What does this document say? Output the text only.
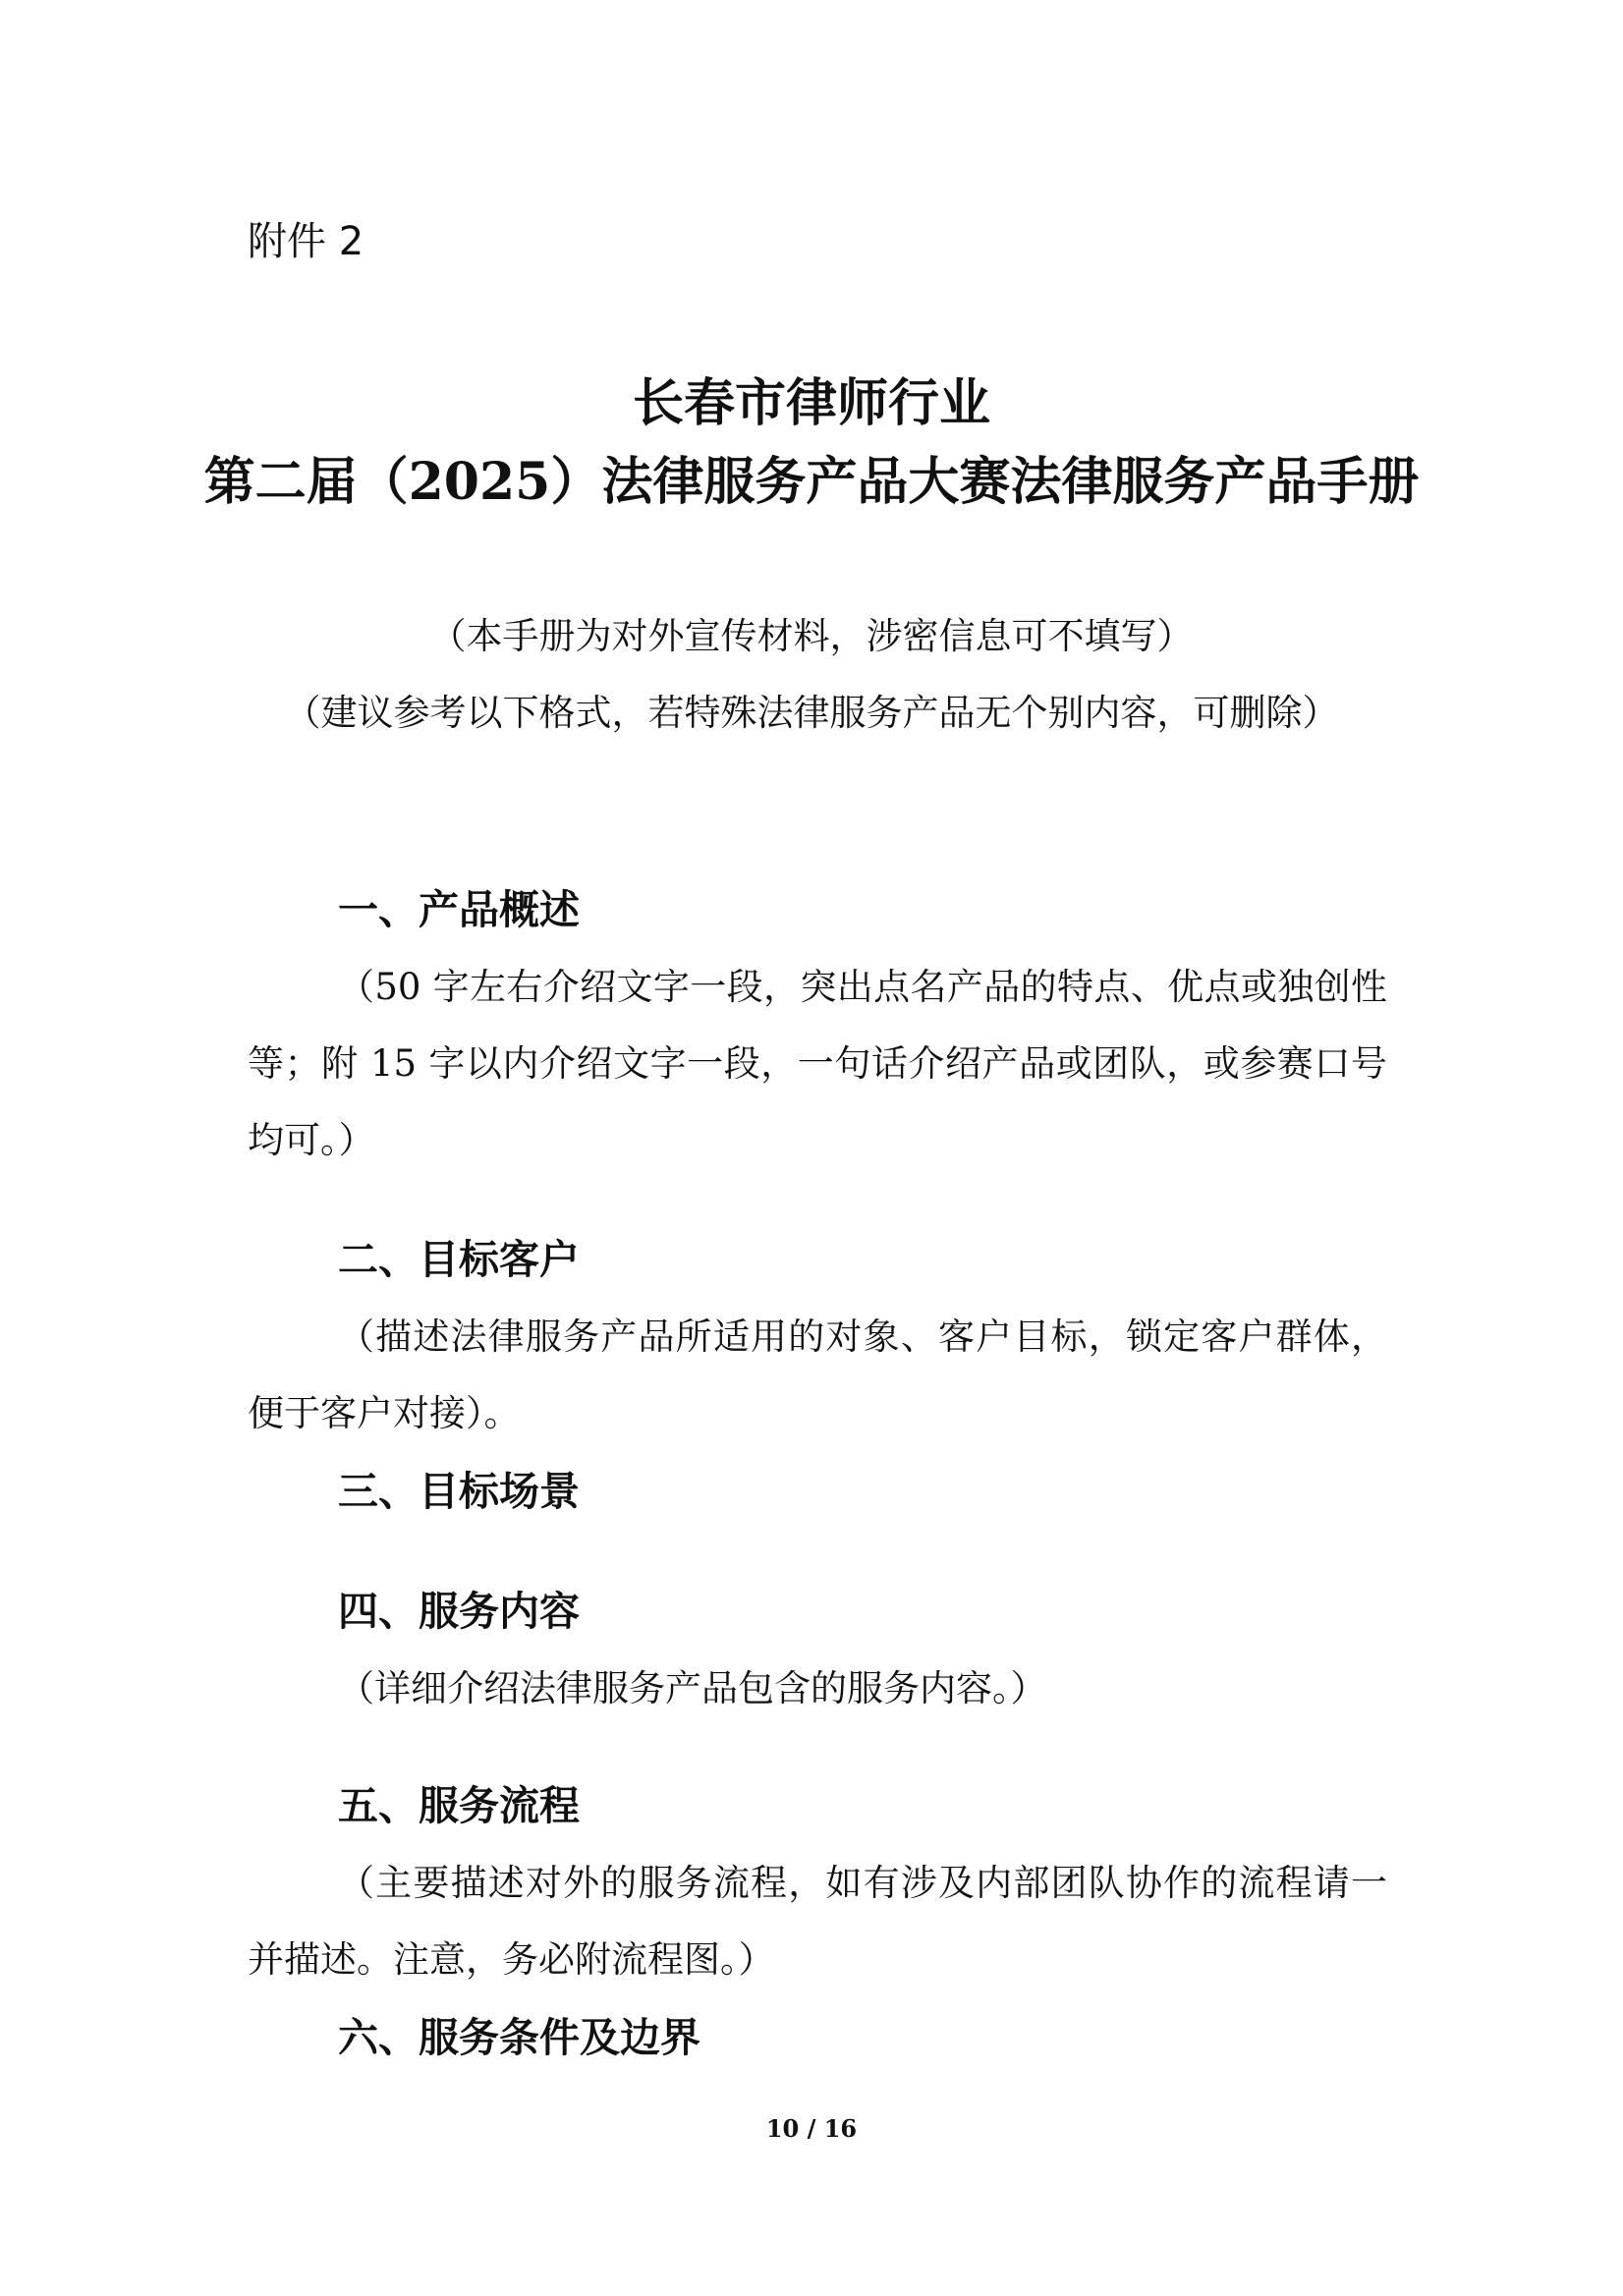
附件 2
长春市律师行业
第二届（2025）法律服务产品大赛法律服务产品手册
（本手册为对外宣传材料，涉密信息可不填写）
（建议参考以下格式，若特殊法律服务产品无个别内容，可删除）
一、产品概述
（50 字左右介绍文字一段，突出点名产品的特点、优点或独创性等；附 15 字以内介绍文字一段，一句话介绍产品或团队，或参赛口号均可。）
二、目标客户
（描述法律服务产品所适用的对象、客户目标，锁定客户群体，便于客户对接）。
三、目标场景
四、服务内容
（详细介绍法律服务产品包含的服务内容。）
五、服务流程
（主要描述对外的服务流程，如有涉及内部团队协作的流程请一并描述。注意，务必附流程图。）
六、服务条件及边界
10 / 16
